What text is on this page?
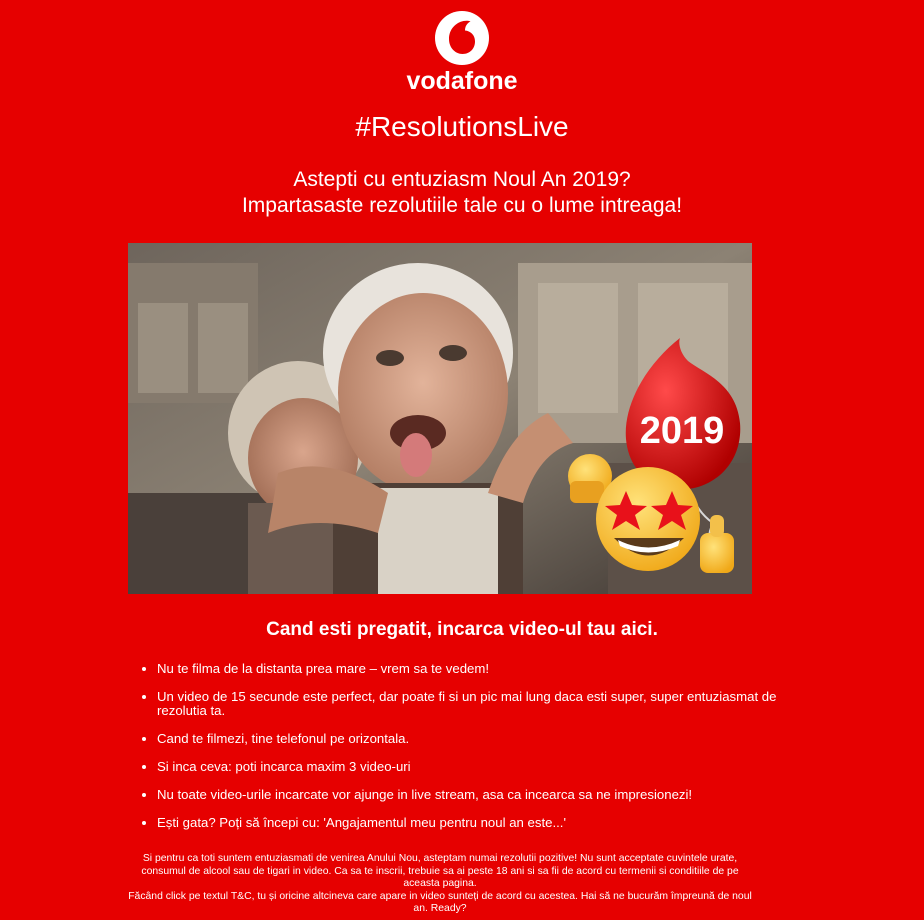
vodafone
#ResolutionsLive
Astepti cu entuziasm Noul An 2019?
Impartasaste rezolutiile tale cu o lume intreaga!
2019
Cand esti pregatit, incarca video-ul tau aici.
• Nu te filma de la distanta prea mare – vrem sa te vedem!
• Un video de 15 secunde este perfect, dar poate fi si un pic mai lung daca esti super, super entuziasmat de rezolutia ta.
• Cand te filmezi, tine telefonul pe orizontala.
• Si inca ceva: poti incarca maxim 3 video-uri
• Nu toate video-urile incarcate vor ajunge in live stream, asa ca incearca sa ne impresionezi!
• Ești gata? Poți să începi cu: 'Angajamentul meu pentru noul an este...'

Si pentru ca toti suntem entuziasmati de venirea Anului Nou, asteptam numai rezolutii pozitive! Nu sunt acceptate cuvintele urate, consumul de alcool sau de tigari in video. Ca sa te inscrii, trebuie sa ai peste 18 ani si sa fii de acord cu termenii si conditiile de pe aceasta pagina.

Făcând click pe textul T&C, tu și oricine altcineva care apare in video sunteți de acord cu acestea. Hai să ne bucurăm împreună de noul an. Ready?
